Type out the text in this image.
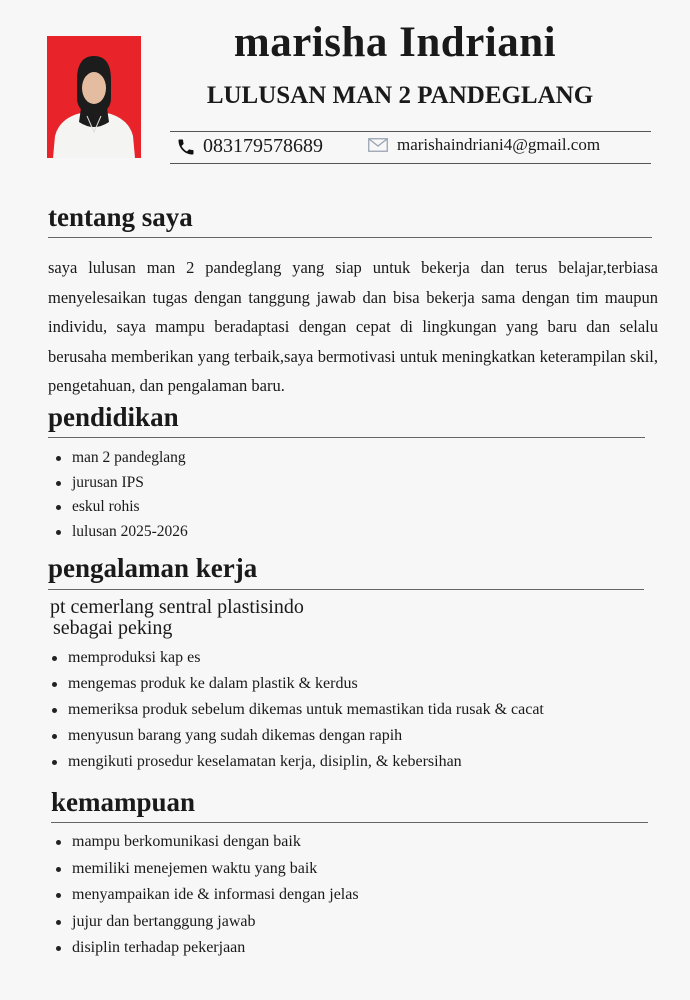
marisha Indriani
LULUSAN MAN 2 PANDEGLANG
083179578689	marishaindriani4@gmail.com
tentang saya
saya lulusan man 2 pandeglang yang siap untuk bekerja dan terus belajar,terbiasa menyelesaikan tugas dengan tanggung jawab dan bisa bekerja sama dengan tim maupun individu, saya mampu beradaptasi dengan cepat di lingkungan yang baru dan selalu berusaha memberikan yang terbaik,saya bermotivasi untuk meningkatkan keterampilan skil, pengetahuan, dan pengalaman baru.
pendidikan
man 2 pandeglang
jurusan IPS
eskul rohis
lulusan 2025-2026
pengalaman kerja
pt cemerlang sentral plastisindo
sebagai peking
memproduksi kap es
mengemas produk ke dalam plastik & kerdus
memeriksa produk sebelum dikemas untuk memastikan tida rusak & cacat
menyusun barang yang sudah dikemas dengan rapih
mengikuti prosedur keselamatan kerja, disiplin, & kebersihan
kemampuan
mampu berkomunikasi dengan baik
memiliki menejemen waktu yang baik
menyampaikan ide & informasi dengan jelas
jujur dan bertanggung jawab
disiplin terhadap pekerjaan
